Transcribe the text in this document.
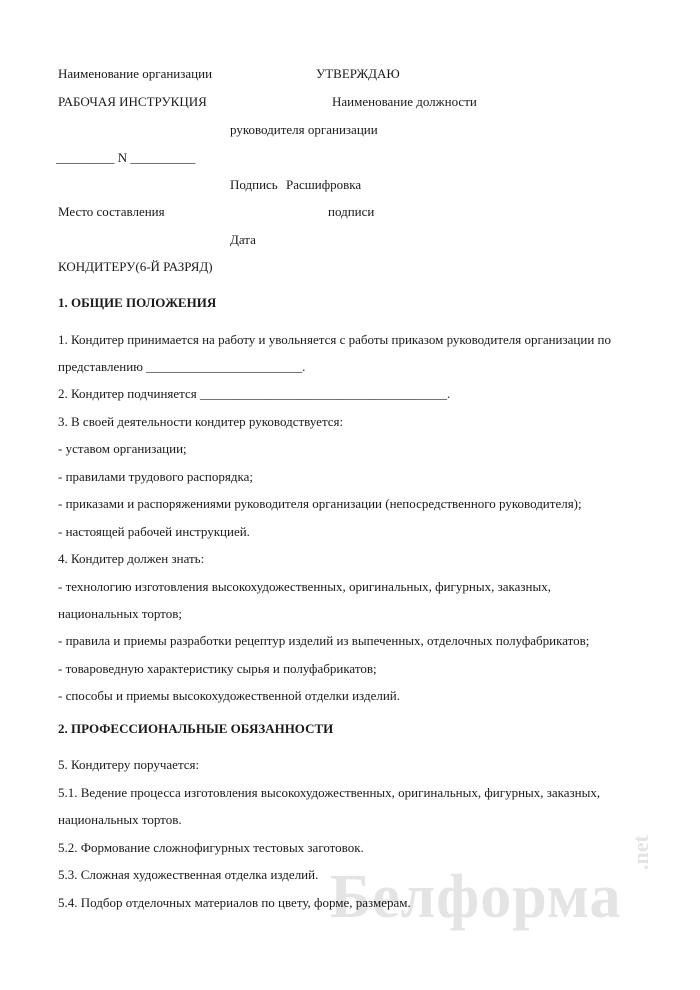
Белформа
.net
Наименование организации	УТВЕРЖДАЮ
РАБОЧАЯ ИНСТРУКЦИЯ	Наименование должности
руководителя организации
_________ N __________
Подпись Расшифровка
Место составления	подписи
Дата
КОНДИТЕРУ(6-Й РАЗРЯД)
1. ОБЩИЕ ПОЛОЖЕНИЯ
1. Кондитер принимается на работу и увольняется с работы приказом руководителя организации по
представлению ________________________.
2. Кондитер подчиняется ______________________________________.
3. В своей деятельности кондитер руководствуется:
- уставом организации;
- правилами трудового распорядка;
- приказами и распоряжениями руководителя организации (непосредственного руководителя);
- настоящей рабочей инструкцией.
4. Кондитер должен знать:
- технологию изготовления высокохудожественных, оригинальных, фигурных, заказных,
национальных тортов;
- правила и приемы разработки рецептур изделий из выпеченных, отделочных полуфабрикатов;
- товароведную характеристику сырья и полуфабрикатов;
- способы и приемы высокохудожественной отделки изделий.
2. ПРОФЕССИОНАЛЬНЫЕ ОБЯЗАННОСТИ
5. Кондитеру поручается:
5.1. Ведение процесса изготовления высокохудожественных, оригинальных, фигурных, заказных,
национальных тортов.
5.2. Формование сложнофигурных тестовых заготовок.
5.3. Сложная художественная отделка изделий.
5.4. Подбор отделочных материалов по цвету, форме, размерам.
